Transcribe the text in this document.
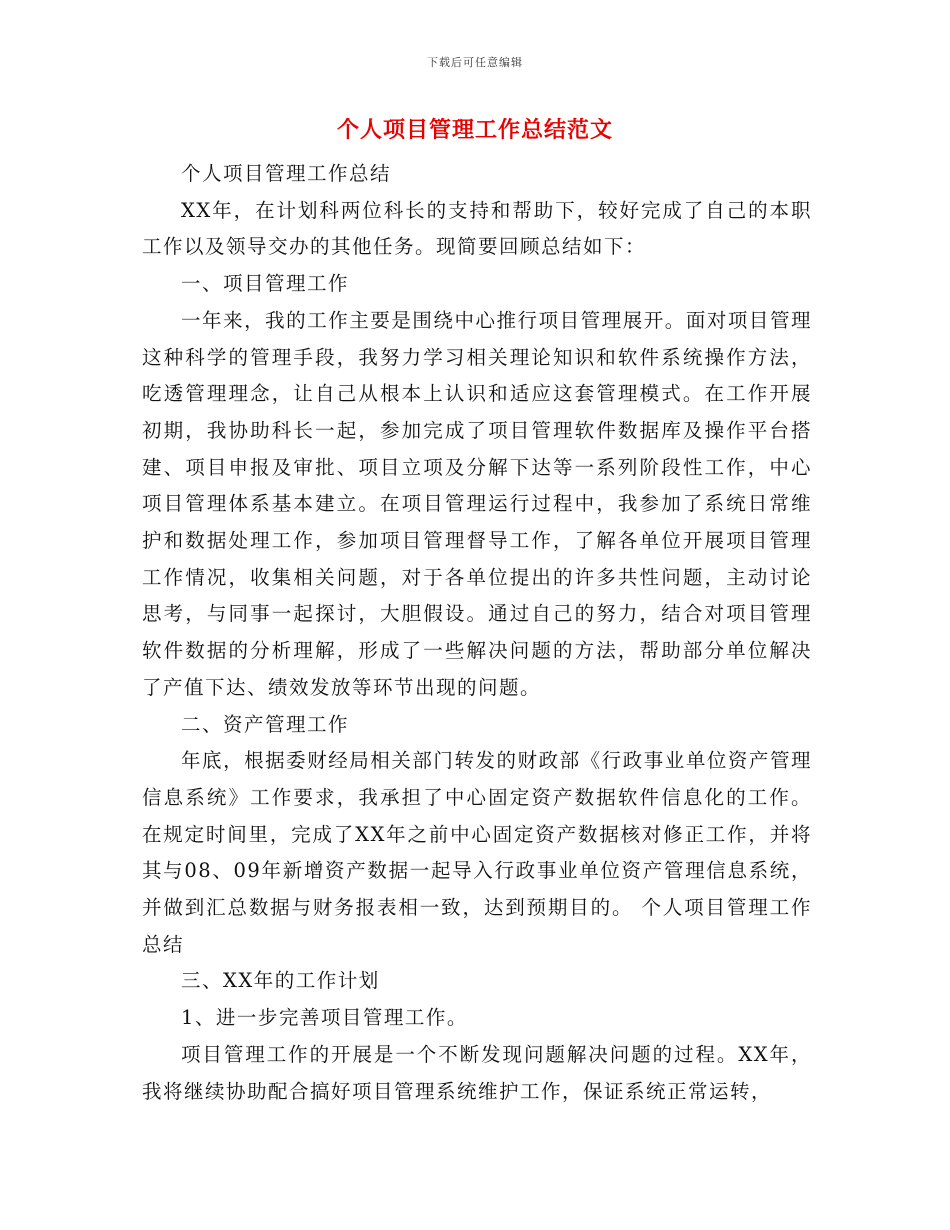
下载后可任意编辑
个人项目管理工作总结范文

个人项目管理工作总结

XX年，在计划科两位科长的支持和帮助下，较好完成了自己的本职工作以及领导交办的其他任务。现简要回顾总结如下：

一、项目管理工作

一年来，我的工作主要是围绕中心推行项目管理展开。面对项目管理这种科学的管理手段，我努力学习相关理论知识和软件系统操作方法，吃透管理理念，让自己从根本上认识和适应这套管理模式。在工作开展初期，我协助科长一起，参加完成了项目管理软件数据库及操作平台搭建、项目申报及审批、项目立项及分解下达等一系列阶段性工作，中心项目管理体系基本建立。在项目管理运行过程中，我参加了系统日常维护和数据处理工作，参加项目管理督导工作，了解各单位开展项目管理工作情况，收集相关问题，对于各单位提出的许多共性问题，主动讨论思考，与同事一起探讨，大胆假设。通过自己的努力，结合对项目管理软件数据的分析理解，形成了一些解决问题的方法，帮助部分单位解决了产值下达、绩效发放等环节出现的问题。

二、资产管理工作

年底，根据委财经局相关部门转发的财政部《行政事业单位资产管理信息系统》工作要求，我承担了中心固定资产数据软件信息化的工作。在规定时间里，完成了XX年之前中心固定资产数据核对修正工作，并将其与08、09年新增资产数据一起导入行政事业单位资产管理信息系统，并做到汇总数据与财务报表相一致，达到预期目的。 个人项目管理工作总结

三、XX年的工作计划

1、进一步完善项目管理工作。

项目管理工作的开展是一个不断发现问题解决问题的过程。XX年，我将继续协助配合搞好项目管理系统维护工作，保证系统正常运转，
